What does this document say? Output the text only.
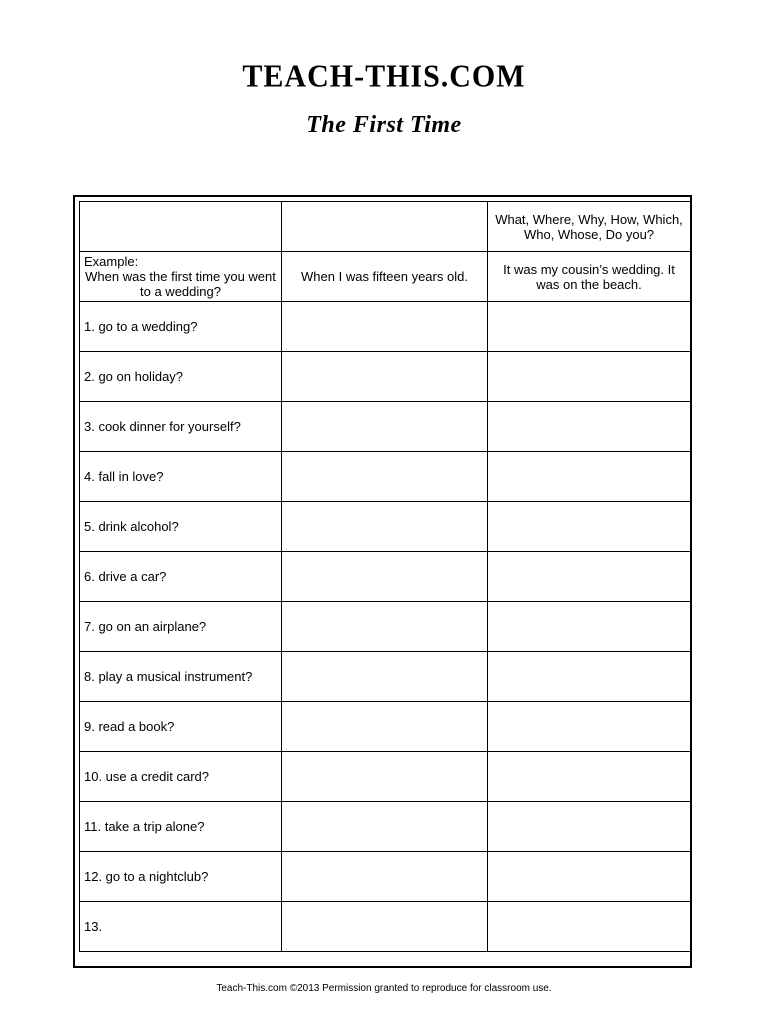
TEACH-THIS.COM
The First Time
		What, Where, Why, How, Which, Who, Whose, Do you?

Example:
When was the first time you went to a wedding?	When I was fifteen years old.	It was my cousin’s wedding. It was on the beach.
1. go to a wedding?		
2. go on holiday?		
3. cook dinner for yourself?		
4. fall in love?		
5. drink alcohol?		
6. drive a car?		
7. go on an airplane?		
8. play a musical instrument?		
9. read a book?		
10. use a credit card?		
11. take a trip alone?		
12. go to a nightclub?		
13.		
Teach-This.com ©2013 Permission granted to reproduce for classroom use.
